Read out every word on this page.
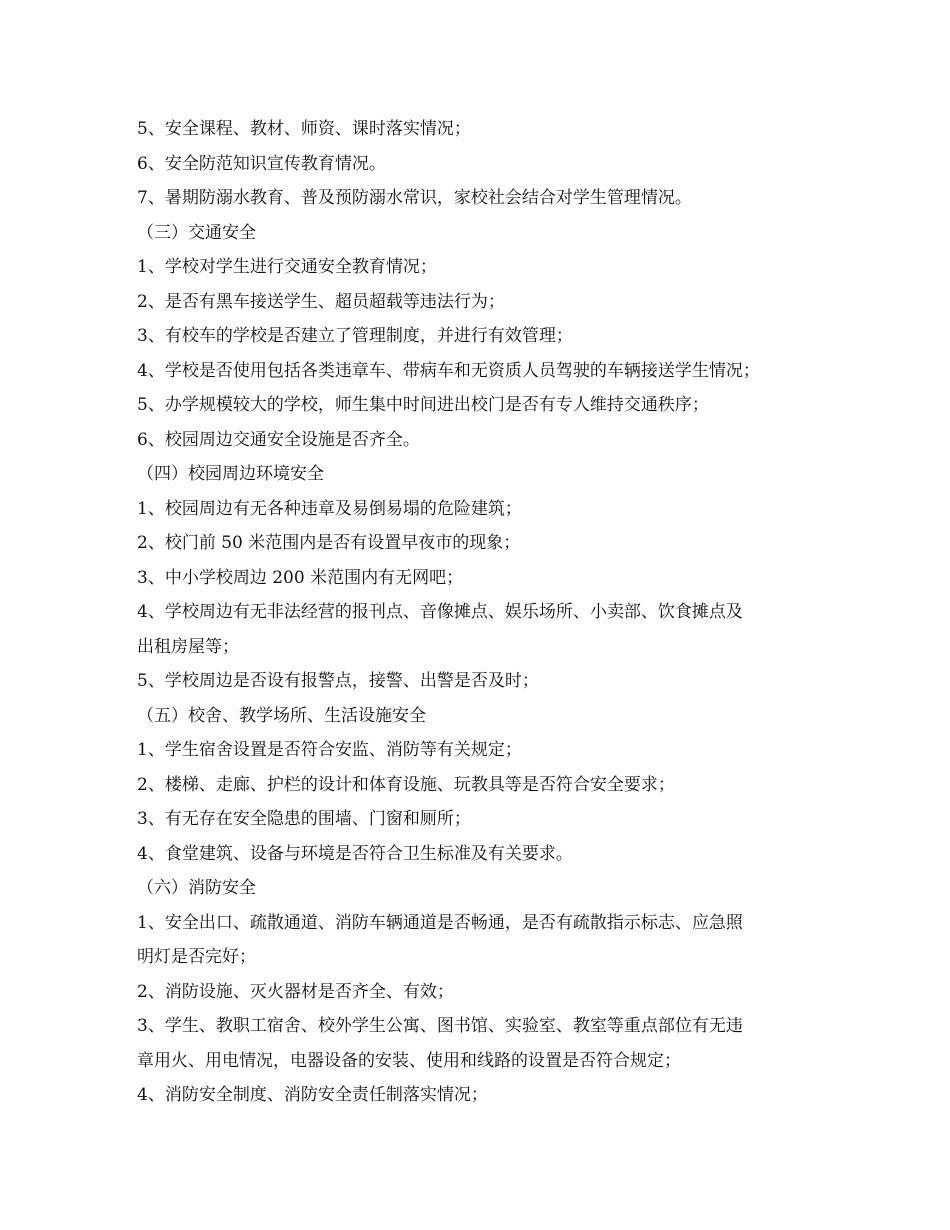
5、安全课程、教材、师资、课时落实情况；

6、安全防范知识宣传教育情况。

7、暑期防溺水教育、普及预防溺水常识，家校社会结合对学生管理情况。

（三）交通安全

1、学校对学生进行交通安全教育情况；

2、是否有黑车接送学生、超员超载等违法行为；

3、有校车的学校是否建立了管理制度，并进行有效管理；

4、学校是否使用包括各类违章车、带病车和无资质人员驾驶的车辆接送学生情况；

5、办学规模较大的学校，师生集中时间进出校门是否有专人维持交通秩序；

6、校园周边交通安全设施是否齐全。

（四）校园周边环境安全

1、校园周边有无各种违章及易倒易塌的危险建筑；

2、校门前 50 米范围内是否有设置早夜市的现象；

3、中小学校周边 200 米范围内有无网吧；

4、学校周边有无非法经营的报刊点、音像摊点、娱乐场所、小卖部、饮食摊点及

出租房屋等；

5、学校周边是否设有报警点，接警、出警是否及时；

（五）校舍、教学场所、生活设施安全

1、学生宿舍设置是否符合安监、消防等有关规定；

2、楼梯、走廊、护栏的设计和体育设施、玩教具等是否符合安全要求；

3、有无存在安全隐患的围墙、门窗和厕所；

4、食堂建筑、设备与环境是否符合卫生标准及有关要求。

（六）消防安全

1、安全出口、疏散通道、消防车辆通道是否畅通，是否有疏散指示标志、应急照

明灯是否完好；

2、消防设施、灭火器材是否齐全、有效；

3、学生、教职工宿舍、校外学生公寓、图书馆、实验室、教室等重点部位有无违

章用火、用电情况，电器设备的安装、使用和线路的设置是否符合规定；

4、消防安全制度、消防安全责任制落实情况；
